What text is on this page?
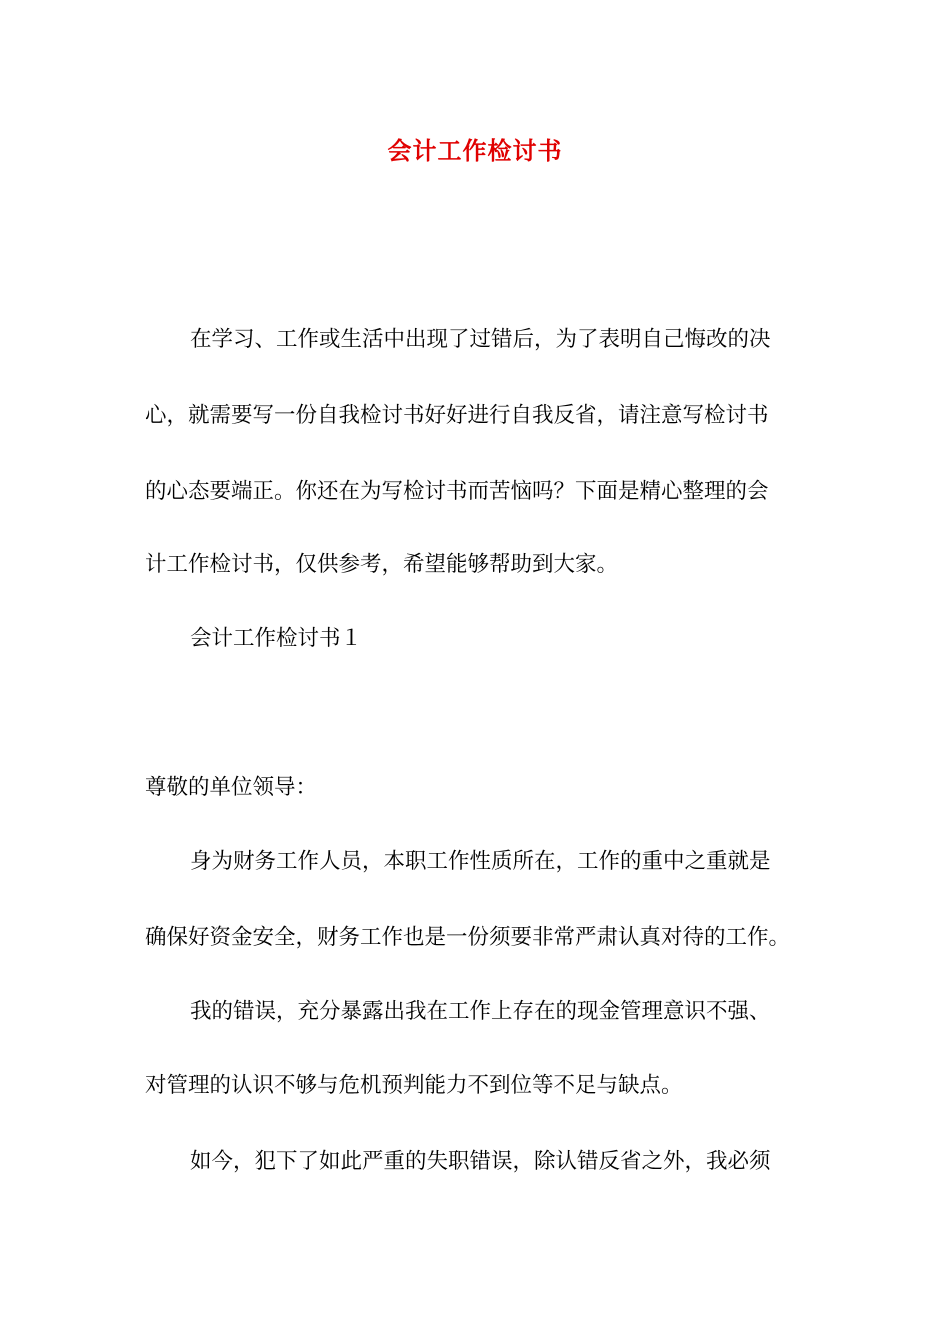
会计工作检讨书
在学习、工作或生活中出现了过错后，为了表明自己悔改的决
心，就需要写一份自我检讨书好好进行自我反省，请注意写检讨书
的心态要端正。你还在为写检讨书而苦恼吗？下面是精心整理的会
计工作检讨书，仅供参考，希望能够帮助到大家。
会计工作检讨书１
尊敬的单位领导：
身为财务工作人员，本职工作性质所在，工作的重中之重就是
确保好资金安全，财务工作也是一份须要非常严肃认真对待的工作。
我的错误，充分暴露出我在工作上存在的现金管理意识不强、
对管理的认识不够与危机预判能力不到位等不足与缺点。
如今，犯下了如此严重的失职错误，除认错反省之外，我必须
